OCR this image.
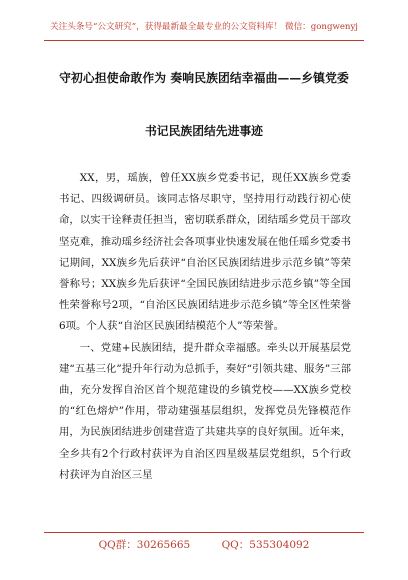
关注头条号“公文研究”，获得最新最全最专业的公文资料库！ 微信：gongwenyj
守初心担使命敢作为 奏响民族团结幸福曲——乡镇党委
书记民族团结先进事迹

XX，男，瑶族，曾任XX族乡党委书记，现任XX族乡党委书记、四级调研员。该同志恪尽职守，坚持用行动践行初心使命，以实干诠释责任担当，密切联系群众，团结瑶乡党员干部攻坚克难，推动瑶乡经济社会各项事业快速发展在他任瑶乡党委书记期间，XX族乡先后获评“自治区民族团结进步示范乡镇”等荣誉称号；XX族乡先后获评“全国民族团结进步示范乡镇”等全国性荣誉称号2项，“自治区民族团结进步示范乡镇”等全区性荣誉6项。个人获“自治区民族团结模范个人”等荣誉。

一、党建+民族团结，提升群众幸福感。牵头以开展基层党建“五基三化”提升年行动为总抓手，奏好“引领共建、服务”三部曲，充分发挥自治区首个规范建设的乡镇党校——XX族乡党校的“红色熔炉”作用，带动建强基层组织，发挥党员先锋模范作用，为民族团结进步创建营造了共建共享的良好氛围。近年来，全乡共有2个行政村获评为自治区四星级基层党组织，5个行政村获评为自治区三星

QQ群：30265665	QQ：535304092
